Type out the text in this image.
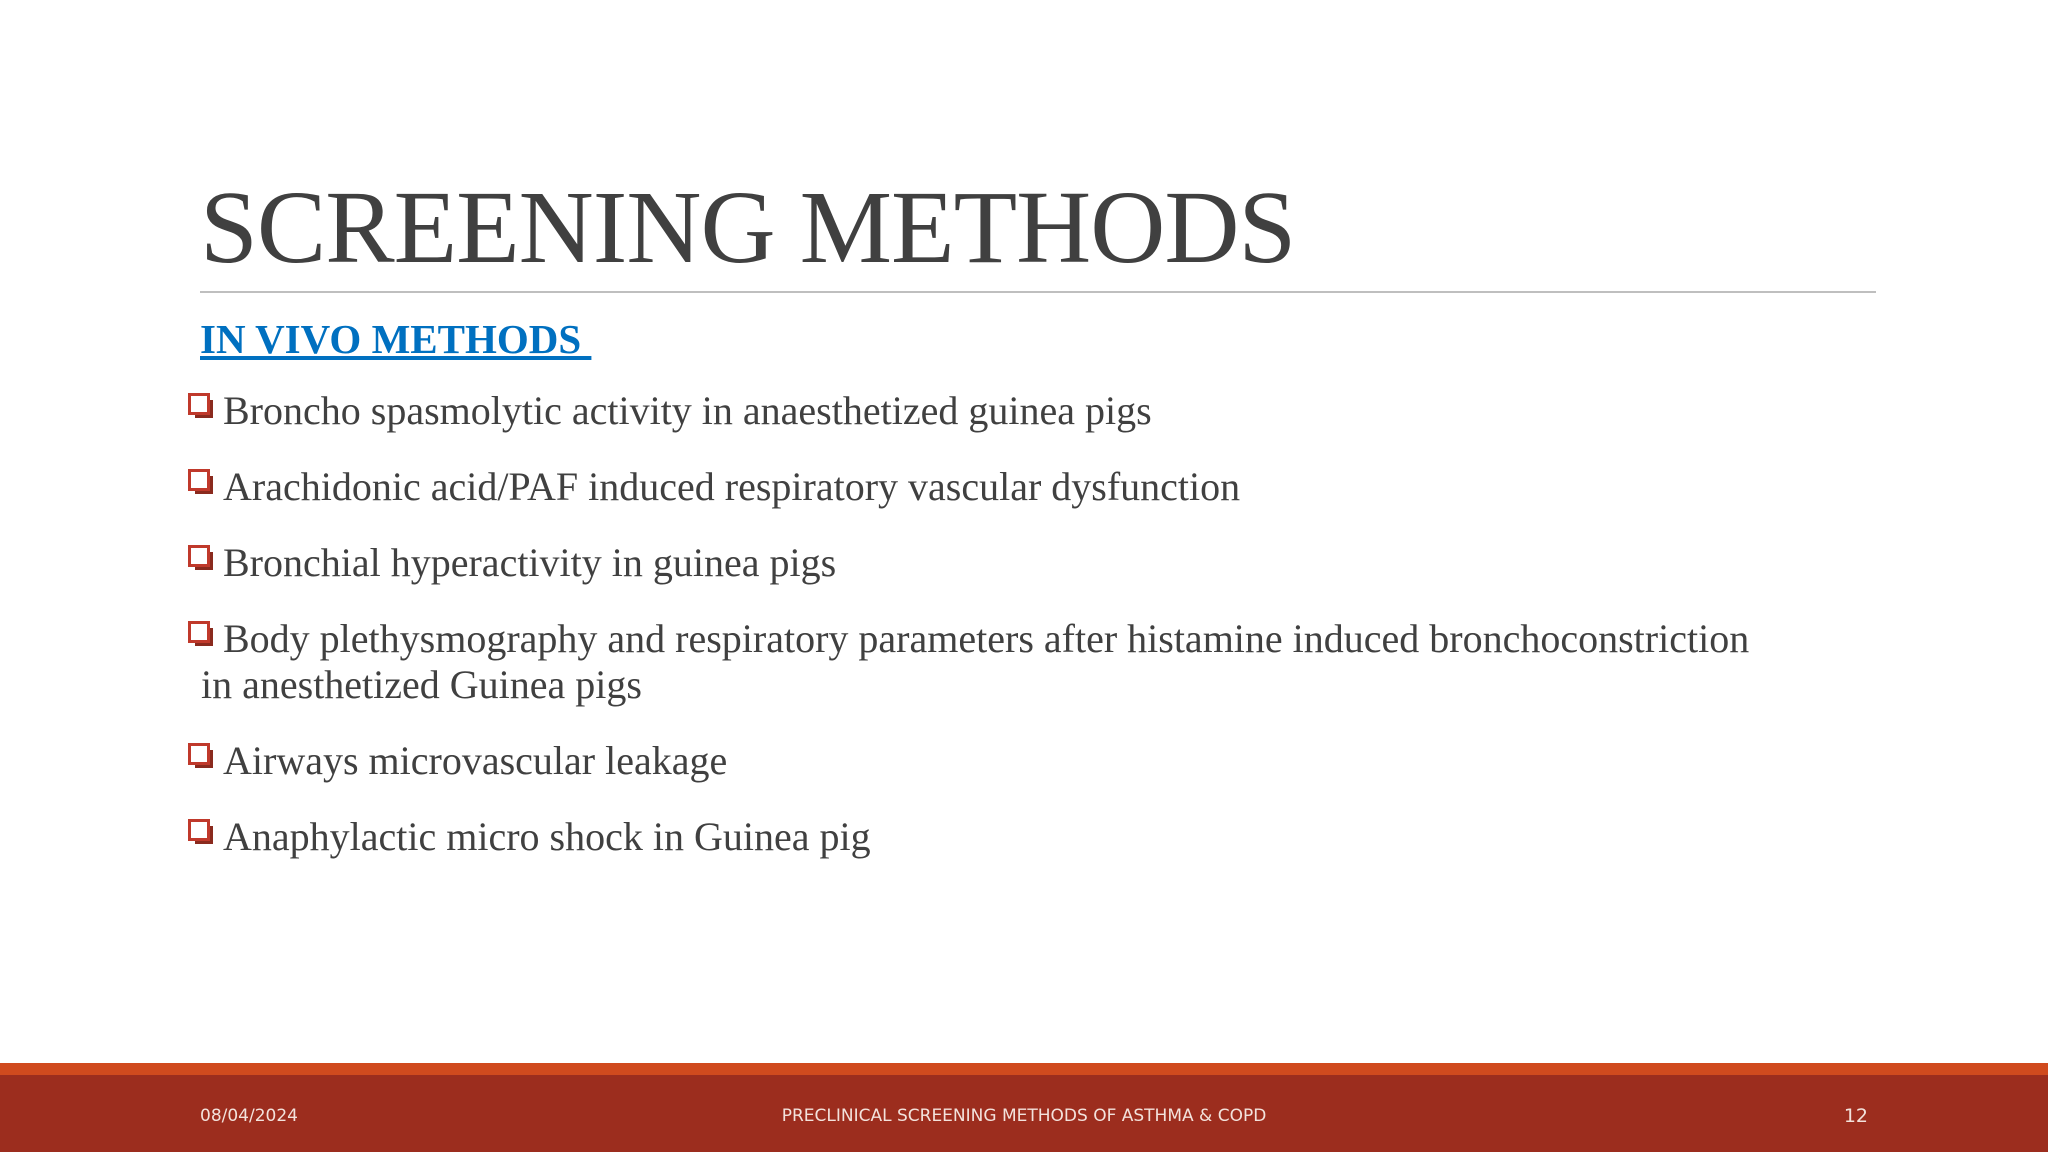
SCREENING METHODS
IN VIVO METHODS
Broncho spasmolytic activity in anaesthetized guinea pigs
Arachidonic acid/PAF induced respiratory vascular dysfunction
Bronchial hyperactivity in guinea pigs
Body plethysmography and respiratory parameters after histamine induced bronchoconstriction
in anesthetized Guinea pigs
Airways microvascular leakage
Anaphylactic micro shock in Guinea pig
08/04/2024	PRECLINICAL SCREENING METHODS OF ASTHMA & COPD	12
